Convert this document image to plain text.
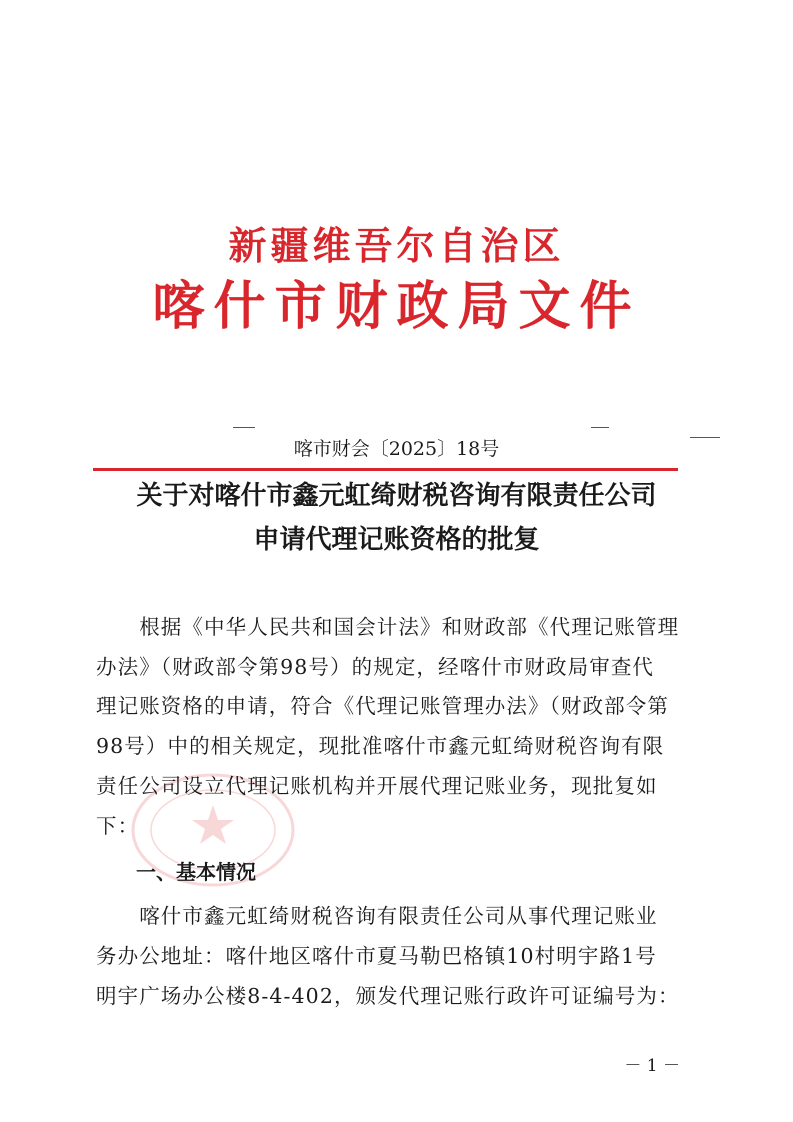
新疆维吾尔自治区
喀什市财政局文件
喀市财会〔2025〕18号
关于对喀什市鑫元虹绮财税咨询有限责任公司
申请代理记账资格的批复
　　根据《中华人民共和国会计法》和财政部《代理记账管理
办法》（财政部令第98号）的规定，经喀什市财政局审查代
理记账资格的申请，符合《代理记账管理办法》（财政部令第
98号）中的相关规定，现批准喀什市鑫元虹绮财税咨询有限
责任公司设立代理记账机构并开展代理记账业务，现批复如
下：
一、基本情况
　　喀什市鑫元虹绮财税咨询有限责任公司从事代理记账业
务办公地址：喀什地区喀什市夏马勒巴格镇10村明宇路1号
明宇广场办公楼8-4-402，颁发代理记账行政许可证编号为：
－ 1 －
